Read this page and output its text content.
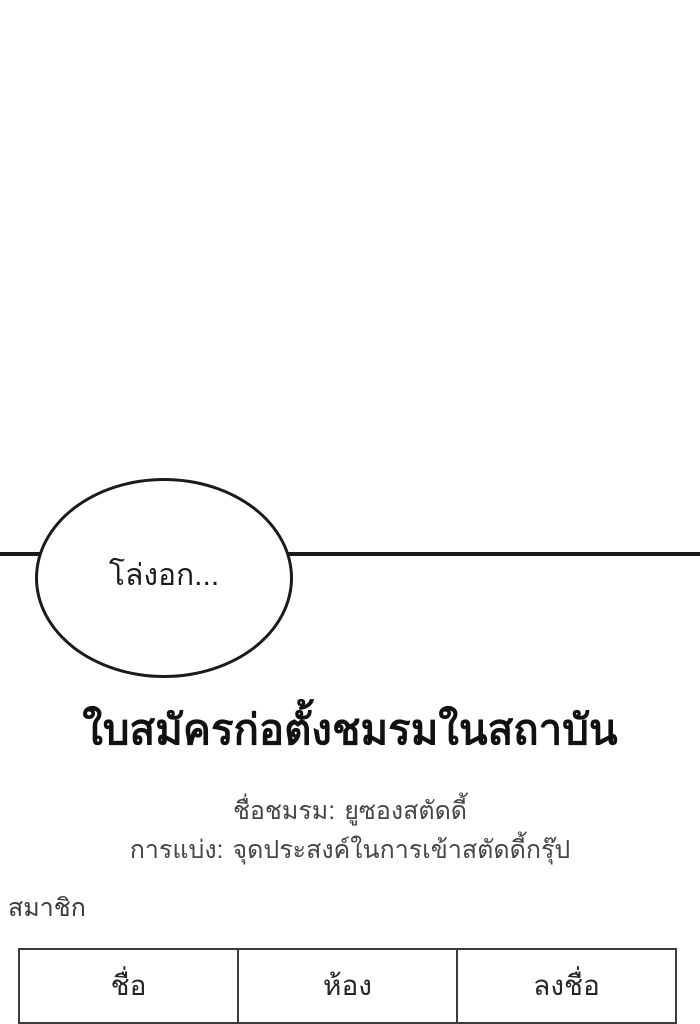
โล่งอก...
ใบสมัครก่อตั้งชมรมในสถาบัน
ชื่อชมรม: ยูซองสตัดดี้
การแบ่ง: จุดประสงค์ในการเข้าสตัดดี้กรุ๊ป
สมาชิก
ชื่อ	ห้อง	ลงชื่อ
